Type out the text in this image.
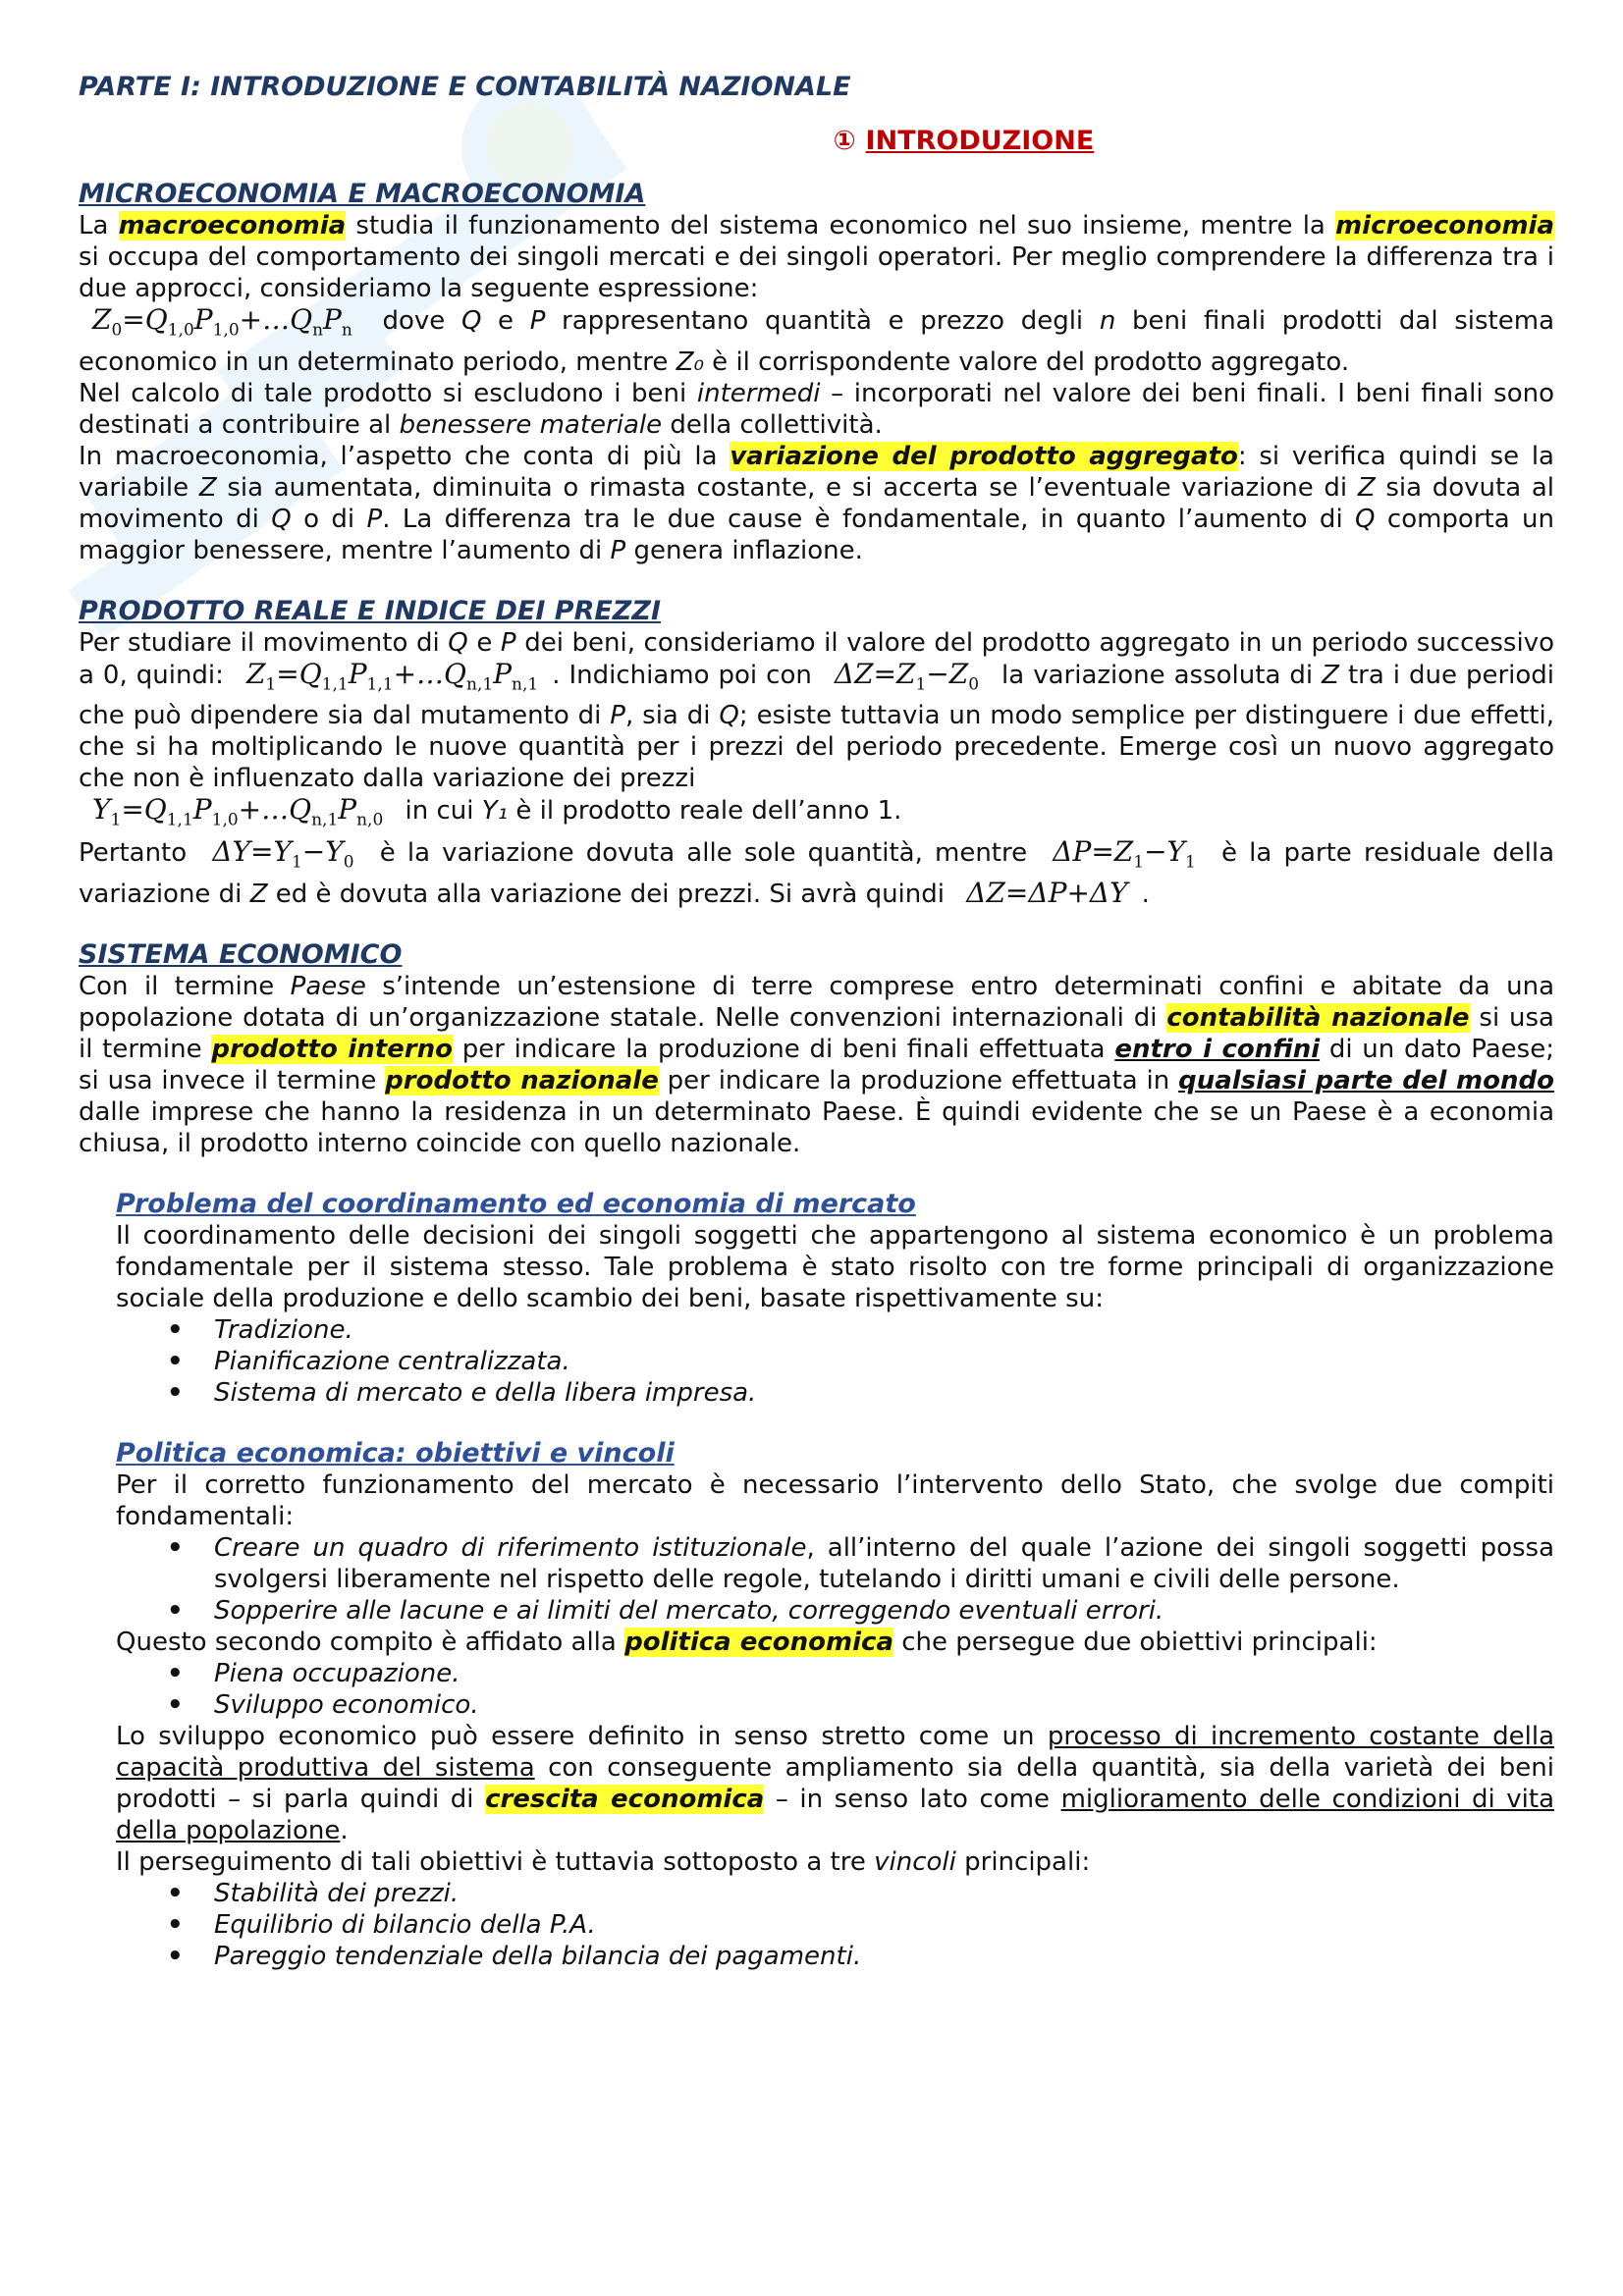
PARTE I: INTRODUZIONE E CONTABILITÀ NAZIONALE

① INTRODUZIONE

MICROECONOMIA E MACROECONOMIA

La macroeconomia studia il funzionamento del sistema economico nel suo insieme, mentre la microeconomia si occupa del comportamento dei singoli mercati e dei singoli operatori. Per meglio comprendere la differenza tra i due approcci, consideriamo la seguente espressione:

$Z_0=Q_{1,0}P_{1,0}+\dots Q_nP_n$ dove Q e P rappresentano quantità e prezzo degli n beni finali prodotti dal sistema economico in un determinato periodo, mentre Z₀ è il corrispondente valore del prodotto aggregato.

Nel calcolo di tale prodotto si escludono i beni intermedi – incorporati nel valore dei beni finali. I beni finali sono destinati a contribuire al benessere materiale della collettività.

In macroeconomia, l’aspetto che conta di più la variazione del prodotto aggregato: si verifica quindi se la variabile Z sia aumentata, diminuita o rimasta costante, e si accerta se l’eventuale variazione di Z sia dovuta al movimento di Q o di P. La differenza tra le due cause è fondamentale, in quanto l’aumento di Q comporta un maggior benessere, mentre l’aumento di P genera inflazione.

PRODOTTO REALE E INDICE DEI PREZZI

Per studiare il movimento di Q e P dei beni, consideriamo il valore del prodotto aggregato in un periodo successivo a 0, quindi: $Z_1=Q_{1,1}P_{1,1}+\dots Q_{n,1}P_{n,1}$ . Indichiamo poi con $\Delta Z=Z_1-Z_0$ la variazione assoluta di Z tra i due periodi che può dipendere sia dal mutamento di P, sia di Q; esiste tuttavia un modo semplice per distinguere i due effetti, che si ha moltiplicando le nuove quantità per i prezzi del periodo precedente. Emerge così un nuovo aggregato che non è influenzato dalla variazione dei prezzi

$Y_1=Q_{1,1}P_{1,0}+\dots Q_{n,1}P_{n,0}$ in cui Y₁ è il prodotto reale dell’anno 1.

Pertanto $\Delta Y=Y_1-Y_0$ è la variazione dovuta alle sole quantità, mentre $\Delta P=Z_1-Y_1$ è la parte residuale della variazione di Z ed è dovuta alla variazione dei prezzi. Si avrà quindi ΔZ=ΔP+ΔY .

SISTEMA ECONOMICO

Con il termine Paese s’intende un’estensione di terre comprese entro determinati confini e abitate da una popolazione dotata di un’organizzazione statale. Nelle convenzioni internazionali di contabilità nazionale si usa il termine prodotto interno per indicare la produzione di beni finali effettuata entro i confini di un dato Paese; si usa invece il termine prodotto nazionale per indicare la produzione effettuata in qualsiasi parte del mondo dalle imprese che hanno la residenza in un determinato Paese. È quindi evidente che se un Paese è a economia chiusa, il prodotto interno coincide con quello nazionale.

Problema del coordinamento ed economia di mercato

Il coordinamento delle decisioni dei singoli soggetti che appartengono al sistema economico è un problema fondamentale per il sistema stesso. Tale problema è stato risolto con tre forme principali di organizzazione sociale della produzione e dello scambio dei beni, basate rispettivamente su:

• Tradizione.
• Pianificazione centralizzata.
• Sistema di mercato e della libera impresa.
Politica economica: obiettivi e vincoli

Per il corretto funzionamento del mercato è necessario l’intervento dello Stato, che svolge due compiti fondamentali:

• Creare un quadro di riferimento istituzionale, all’interno del quale l’azione dei singoli soggetti possa svolgersi liberamente nel rispetto delle regole, tutelando i diritti umani e civili delle persone.
• Sopperire alle lacune e ai limiti del mercato, correggendo eventuali errori.

Questo secondo compito è affidato alla politica economica che persegue due obiettivi principali:

• Piena occupazione.
• Sviluppo economico.

Lo sviluppo economico può essere definito in senso stretto come un processo di incremento costante della capacità produttiva del sistema con conseguente ampliamento sia della quantità, sia della varietà dei beni prodotti – si parla quindi di crescita economica – in senso lato come miglioramento delle condizioni di vita della popolazione.

Il perseguimento di tali obiettivi è tuttavia sottoposto a tre vincoli principali:

• Stabilità dei prezzi.
• Equilibrio di bilancio della P.A.
• Pareggio tendenziale della bilancia dei pagamenti.
